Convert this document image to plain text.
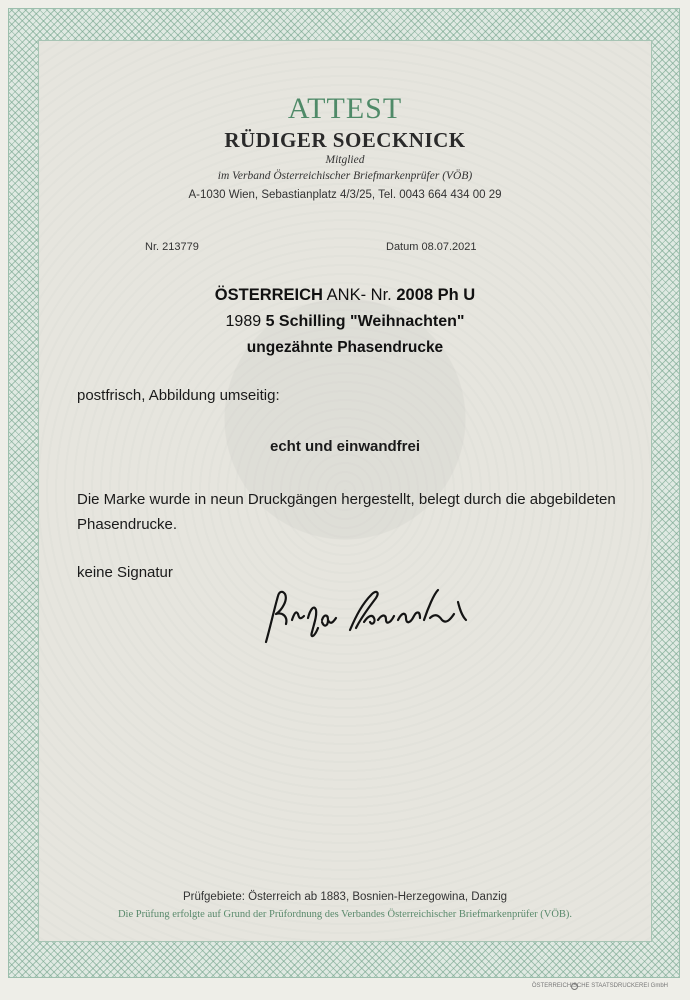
ATTEST
RÜDIGER SOECKNICK
Mitglied
im Verband Österreichischer Briefmarkenprüfer (VÖB)
A-1030 Wien, Sebastianplatz 4/3/25, Tel. 0043 664 434 00 29
Nr. 213779	Datum 08.07.2021
ÖSTERREICH ANK- Nr. 2008 Ph U
1989 5 Schilling "Weihnachten"
ungezähnte Phasendrucke
postfrisch, Abbildung umseitig:
echt und einwandfrei
Die Marke wurde in neun Druckgängen hergestellt, belegt durch die abgebildeten Phasendrucke.
keine Signatur
Prüfgebiete: Österreich ab 1883, Bosnien-Herzegowina, Danzig
Die Prüfung erfolgte auf Grund der Prüfordnung des Verbandes Österreichischer Briefmarkenprüfer (VÖB).
ÖSTERREICHISCHE STAATSDRUCKEREI GmbH
